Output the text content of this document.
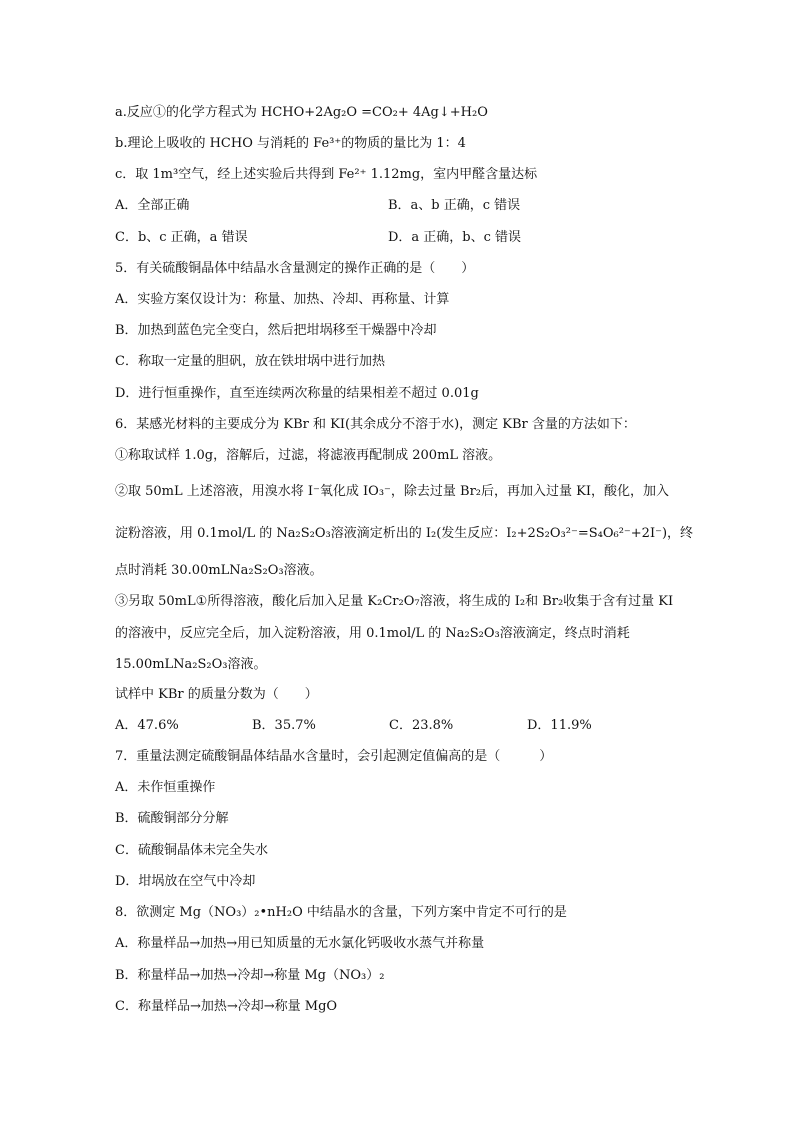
a.反应①的化学方程式为 HCHO+2Ag₂O =CO₂+ 4Ag↓+H₂O
b.理论上吸收的 HCHO 与消耗的 Fe³⁺的物质的量比为 1：4
c．取 1m³空气，经上述实验后共得到 Fe²⁺ 1.12mg，室内甲醛含量达标
A．全部正确	B．a、b 正确，c 错误
C．b、c 正确，a 错误	D．a 正确，b、c 错误
5．有关硫酸铜晶体中结晶水含量测定的操作正确的是（　　）
A．实验方案仅设计为：称量、加热、冷却、再称量、计算
B．加热到蓝色完全变白，然后把坩埚移至干燥器中冷却
C．称取一定量的胆矾，放在铁坩埚中进行加热
D．进行恒重操作，直至连续两次称量的结果相差不超过 0.01g
6．某感光材料的主要成分为 KBr 和 KI(其余成分不溶于水)，测定 KBr 含量的方法如下：
①称取试样 1.0g，溶解后，过滤，将滤液再配制成 200mL 溶液。
②取 50mL 上述溶液，用溴水将 I⁻氧化成 IO₃⁻，除去过量 Br₂后，再加入过量 KI，酸化，加入
淀粉溶液，用 0.1mol/L 的 Na₂S₂O₃溶液滴定析出的 I₂(发生反应：I₂+2S₂O₃²⁻=S₄O₆²⁻+2I⁻)，终
点时消耗 30.00mLNa₂S₂O₃溶液。
③另取 50mL①所得溶液，酸化后加入足量 K₂Cr₂O₇溶液，将生成的 I₂和 Br₂收集于含有过量 KI
的溶液中，反应完全后，加入淀粉溶液，用 0.1mol/L 的 Na₂S₂O₃溶液滴定，终点时消耗
15.00mLNa₂S₂O₃溶液。
试样中 KBr 的质量分数为（　　）
A．47.6%	B．35.7%	C．23.8%	D．11.9%
7．重量法测定硫酸铜晶体结晶水含量时，会引起测定值偏高的是（　　　）
A．未作恒重操作
B．硫酸铜部分分解
C．硫酸铜晶体未完全失水
D．坩埚放在空气中冷却
8．欲测定 Mg（NO₃）₂•nH₂O 中结晶水的含量，下列方案中肯定不可行的是
A．称量样品→加热→用已知质量的无水氯化钙吸收水蒸气并称量
B．称量样品→加热→冷却→称量 Mg（NO₃）₂
C．称量样品→加热→冷却→称量 MgO
